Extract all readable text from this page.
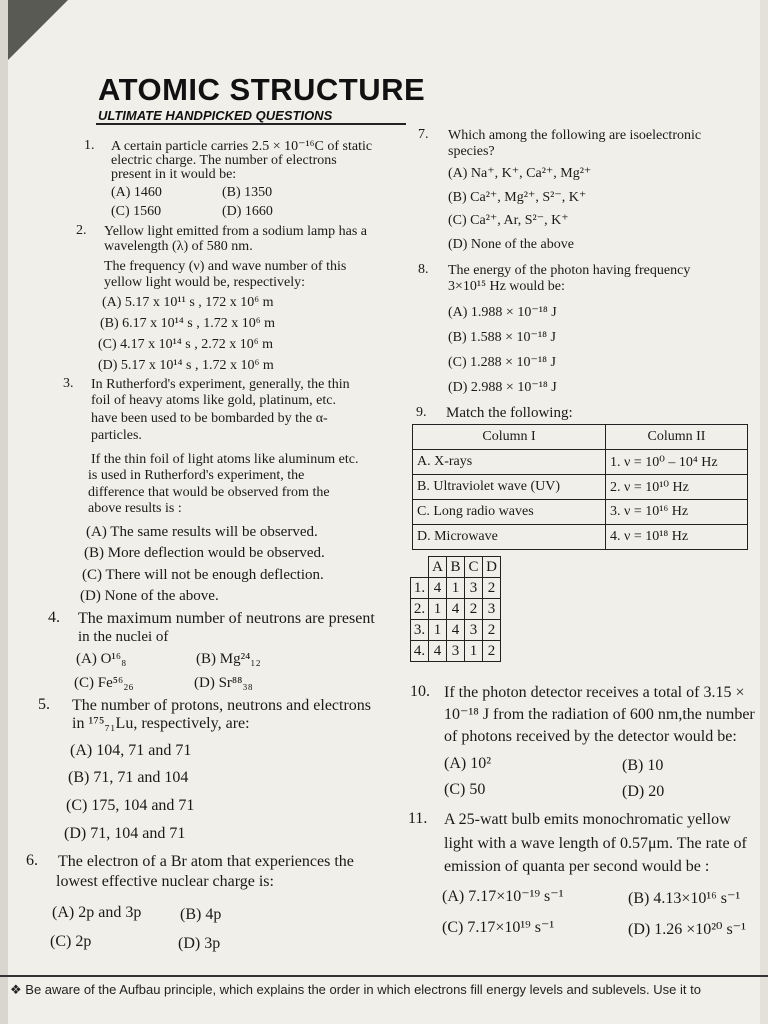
ATOMIC STRUCTURE
ULTIMATE HANDPICKED QUESTIONS
1. A certain particle carries 2.5 × 10⁻¹⁶C of static
electric charge. The number of electrons
present in it would be:
(A) 1460	(B) 1350
(C) 1560	(D) 1660
2. Yellow light emitted from a sodium lamp has a
wavelength (λ) of 580 nm.
The frequency (ν) and wave number of this
yellow light would be, respectively:
(A) 5.17 x 10¹¹ s , 172 x 10⁶ m
(B) 6.17 x 10¹⁴ s , 1.72 x 10⁶ m
(C) 4.17 x 10¹⁴ s , 2.72 x 10⁶ m
(D) 5.17 x 10¹⁴ s , 1.72 x 10⁶ m
3. In Rutherford's experiment, generally, the thin
foil of heavy atoms like gold, platinum, etc.
have been used to be bombarded by the α-
particles.
If the thin foil of light atoms like aluminum etc.
is used in Rutherford's experiment, the
difference that would be observed from the
above results is :
(A) The same results will be observed.
(B) More deflection would be observed.
(C) There will not be enough deflection.
(D) None of the above.
4. The maximum number of neutrons are present
in the nuclei of
(A) O¹⁶₈	(B) Mg²⁴₁₂
(C) Fe⁵⁶₂₆	(D) Sr⁸⁸₃₈
5. The number of protons, neutrons and electrons
in ¹⁷⁵₇₁Lu, respectively, are:
(A) 104, 71 and 71
(B) 71, 71 and 104
(C) 175, 104 and 71
(D) 71, 104 and 71
6. The electron of a Br atom that experiences the
lowest effective nuclear charge is:
(A) 2p and 3p (B) 4p
(C) 2p	(D) 3p
7. Which among the following are isoelectronic
species?
(A) Na⁺, K⁺, Ca²⁺, Mg²⁺
(B) Ca²⁺, Mg²⁺, S²⁻, K⁺
(C) Ca²⁺, Ar, S²⁻, K⁺
(D) None of the above
8. The energy of the photon having frequency
3×10¹⁵ Hz would be:
(A) 1.988 × 10⁻¹⁸ J
(B) 1.588 × 10⁻¹⁸ J
(C) 1.288 × 10⁻¹⁸ J
(D) 2.988 × 10⁻¹⁸ J
9. Match the following:
Column I	Column II
A. X-rays	1. ν = 10⁰ – 10⁴ Hz
B. Ultraviolet wave (UV)	2. ν = 10¹⁰ Hz
C. Long radio waves	3. ν = 10¹⁶ Hz
D. Microwave	4. ν = 10¹⁸ Hz
	A	B	C	D
1.	4	1	3	2
2.	1	4	2	3
3.	1	4	3	2
4.	4	3	1	2
10. If the photon detector receives a total of 3.15 ×
10⁻¹⁸ J from the radiation of 600 nm,the number
of photons received by the detector would be:
(A) 10²	(B) 10
(C) 50	(D) 20
11. A 25-watt bulb emits monochromatic yellow
light with a wave length of 0.57μm. The rate of
emission of quanta per second would be :
(A) 7.17×10⁻¹⁹ s⁻¹	(B) 4.13×10¹⁶ s⁻¹
(C) 7.17×10¹⁹ s⁻¹	(D) 1.26 ×10²⁰ s⁻¹
❖ Be aware of the Aufbau principle, which explains the order in which electrons fill energy levels and sublevels. Use it to
